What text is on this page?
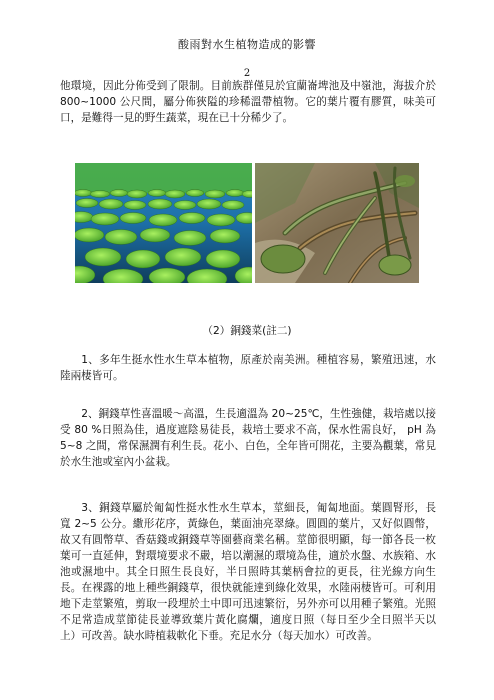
酸雨對水生植物造成的影響
2

他環境，因此分佈受到了限制。目前族群僅見於宜蘭崙埤池及中嶺池，海拔介於800~1000 公尺間，屬分佈狹隘的珍稀溫帶植物。它的葉片覆有膠質，味美可口，是難得一見的野生蔬菜，現在已十分稀少了。

（2）銅錢菜(註二)

1、多年生挺水性水生草本植物，原產於南美洲。種植容易，繁殖迅速，水陸兩棲皆可。

2、銅錢草性喜溫暖～高溫，生長適溫為 20~25℃，生性強健，栽培處以接受 80 %日照為佳，過度遮陰易徒長，栽培土要求不高，保水性需良好， pH 為5~8 之間，常保濕潤有利生長。花小、白色，全年皆可開花，主要為觀葉，常見於水生池或室內小盆栽。

3、銅錢草屬於匍匐性挺水性水生草本，莖細長，匍匐地面。葉圓腎形，長寬 2~5 公分。繖形花序，黃綠色，葉面油亮翠綠。圓圓的葉片，又好似圓幣，故又有圓幣草、香菇錢或銅錢草等園藝商業名稱。莖節很明顯，每一節各長一枚葉可一直延伸，對環境要求不嚴，培以潮濕的環境為佳，適於水盤、水族箱、水池或濕地中。其全日照生長良好，半日照時其葉柄會拉的更長，往光線方向生長。在裸露的地上種些銅錢草，很快就能達到綠化效果，水陸兩棲皆可。可利用地下走莖繁殖，剪取一段埋於土中即可迅速繁衍，另外亦可以用種子繁殖。光照不足常造成莖節徒長並導致葉片黃化腐爛，適度日照（每日至少全日照半天以上）可改善。缺水時植栽軟化下垂。充足水分（每天加水）可改善。
